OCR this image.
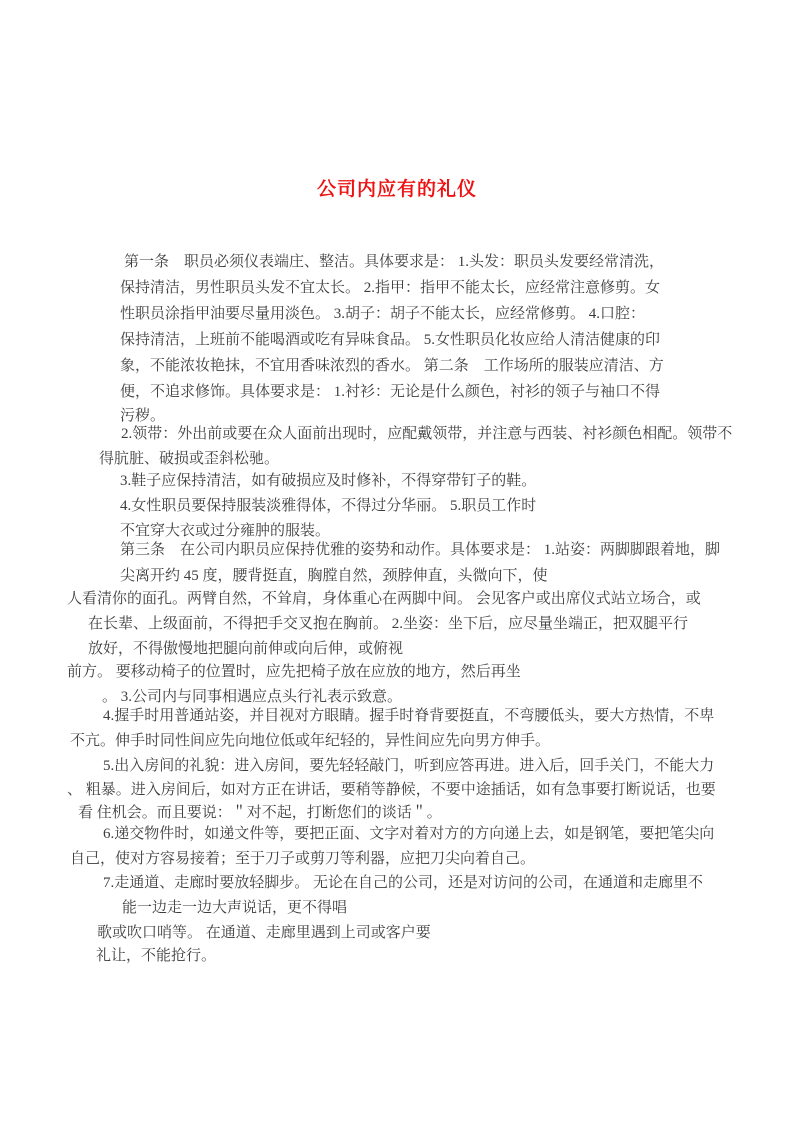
公司内应有的礼仪
第一条　职员必须仪表端庄、整洁。具体要求是： 1.头发：职员头发要经常清洗，
保持清洁，男性职员头发不宜太长。 2.指甲：指甲不能太长，应经常注意修剪。女
性职员涂指甲油要尽量用淡色。 3.胡子：胡子不能太长，应经常修剪。 4.口腔：
保持清洁，上班前不能喝酒或吃有异味食品。 5.女性职员化妆应给人清洁健康的印
象，不能浓妆艳抹，不宜用香味浓烈的香水。 第二条　工作场所的服装应清洁、方
便，不追求修饰。具体要求是： 1.衬衫：无论是什么颜色，衬衫的领子与袖口不得
污秽。
2.领带：外出前或要在众人面前出现时，应配戴领带，并注意与西装、衬衫颜色相配。领带不
得肮脏、破损或歪斜松驰。
3.鞋子应保持清洁，如有破损应及时修补，不得穿带钉子的鞋。
4.女性职员要保持服装淡雅得体，不得过分华丽。 5.职员工作时
不宜穿大衣或过分雍肿的服装。
第三条　在公司内职员应保持优雅的姿势和动作。具体要求是： 1.站姿：两脚脚跟着地，脚
尖离开约 45 度，腰背挺直，胸膛自然，颈脖伸直，头微向下，使
人看清你的面孔。两臂自然，不耸肩，身体重心在两脚中间。 会见客户或出席仪式站立场合，或
在长辈、上级面前，不得把手交叉抱在胸前。 2.坐姿：坐下后，应尽量坐端正，把双腿平行
放好，不得傲慢地把腿向前伸或向后伸，或俯视
前方。 要移动椅子的位置时，应先把椅子放在应放的地方，然后再坐
。 3.公司内与同事相遇应点头行礼表示致意。
4.握手时用普通站姿，并目视对方眼睛。握手时脊背要挺直，不弯腰低头，要大方热情，不卑
不亢。伸手时同性间应先向地位低或年纪轻的，异性间应先向男方伸手。
5.出入房间的礼貌：进入房间，要先轻轻敲门，听到应答再进。进入后，回手关门，不能大力
、 粗暴。进入房间后，如对方正在讲话，要稍等静候，不要中途插话，如有急事要打断说话，也要
看 住机会。而且要说：＂对不起，打断您们的谈话＂。
6.递交物件时，如递文件等，要把正面、文字对着对方的方向递上去，如是钢笔，要把笔尖向
自己，使对方容易接着；至于刀子或剪刀等利器，应把刀尖向着自己。
7.走通道、走廊时要放轻脚步。 无论在自己的公司，还是对访问的公司，在通道和走廊里不
能一边走一边大声说话，更不得唱
歌或吹口哨等。 在通道、走廊里遇到上司或客户要
礼让，不能抢行。
